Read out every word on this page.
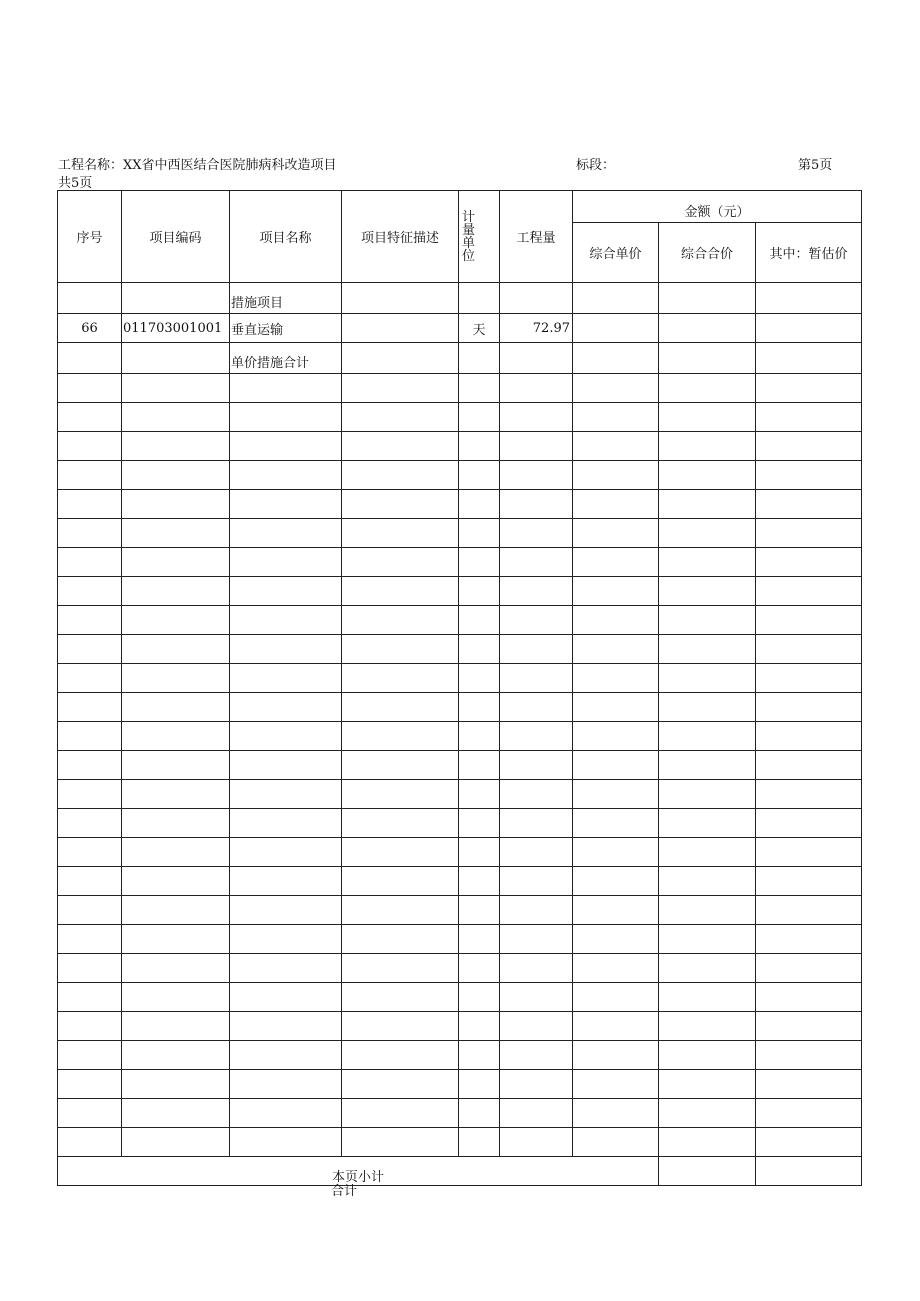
工程名称：XX省中西医结合医院肺病科改造项目	标段：	第5页
共5页
序号	项目编码	项目名称	项目特征描述	计
量
单
位	工程量	金额（元）		
						综合单价	综合合价	其中：暂估价
		措施项目						
66	011703001001	垂直运输		天	72.97			
		单价措施合计						

本页小计								
合计
